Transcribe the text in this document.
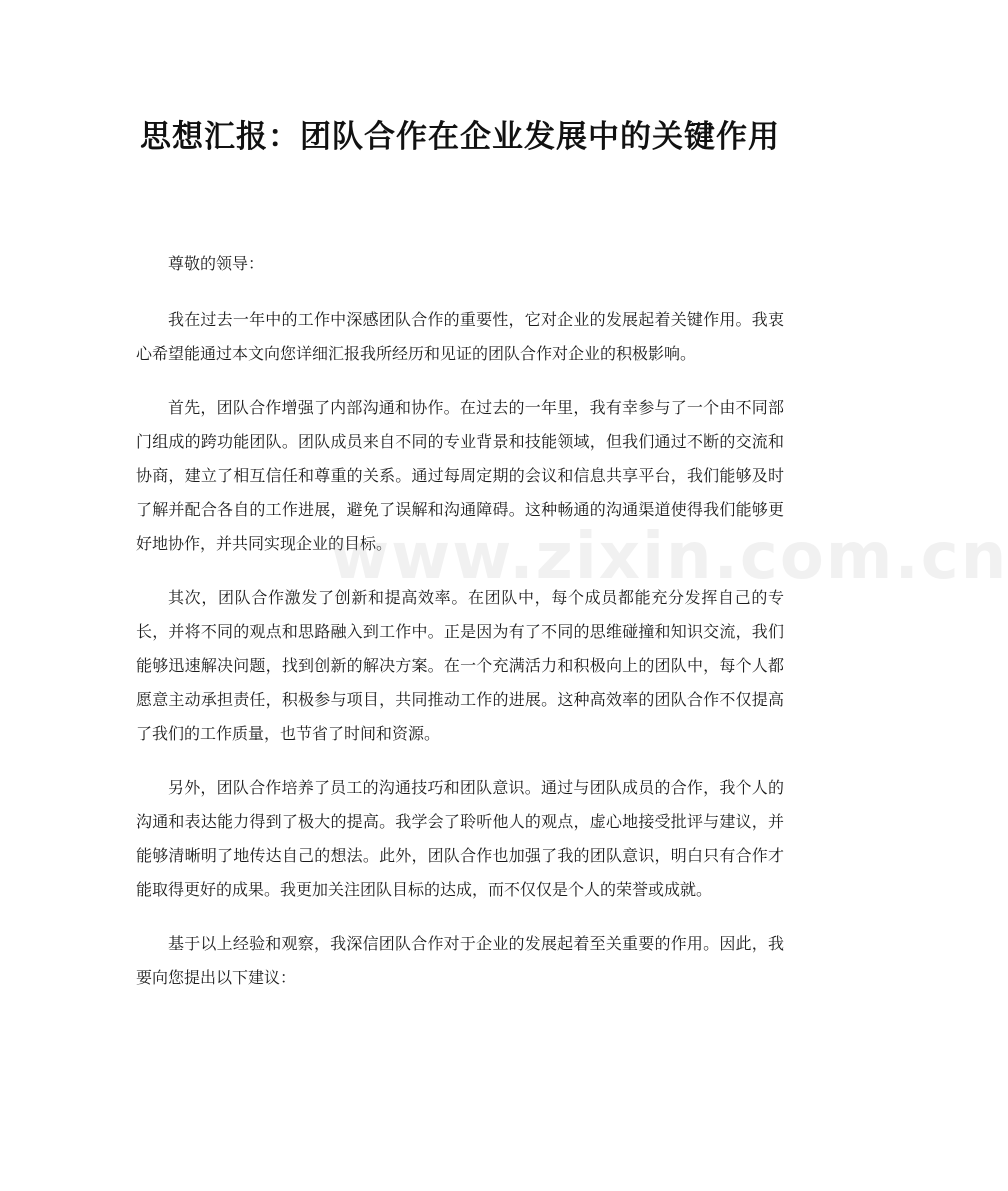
思想汇报：团队合作在企业发展中的关键作用

尊敬的领导：

我在过去一年中的工作中深感团队合作的重要性，它对企业的发展起着关键作用。我衷心希望能通过本文向您详细汇报我所经历和见证的团队合作对企业的积极影响。

首先，团队合作增强了内部沟通和协作。在过去的一年里，我有幸参与了一个由不同部门组成的跨功能团队。团队成员来自不同的专业背景和技能领域，但我们通过不断的交流和协商，建立了相互信任和尊重的关系。通过每周定期的会议和信息共享平台，我们能够及时了解并配合各自的工作进展，避免了误解和沟通障碍。这种畅通的沟通渠道使得我们能够更好地协作，并共同实现企业的目标。

其次，团队合作激发了创新和提高效率。在团队中，每个成员都能充分发挥自己的专长，并将不同的观点和思路融入到工作中。正是因为有了不同的思维碰撞和知识交流，我们能够迅速解决问题，找到创新的解决方案。在一个充满活力和积极向上的团队中，每个人都愿意主动承担责任，积极参与项目，共同推动工作的进展。这种高效率的团队合作不仅提高了我们的工作质量，也节省了时间和资源。

另外，团队合作培养了员工的沟通技巧和团队意识。通过与团队成员的合作，我个人的沟通和表达能力得到了极大的提高。我学会了聆听他人的观点，虚心地接受批评与建议，并能够清晰明了地传达自己的想法。此外，团队合作也加强了我的团队意识，明白只有合作才能取得更好的成果。我更加关注团队目标的达成，而不仅仅是个人的荣誉或成就。

基于以上经验和观察，我深信团队合作对于企业的发展起着至关重要的作用。因此，我要向您提出以下建议：

www.zixin.com.cn
